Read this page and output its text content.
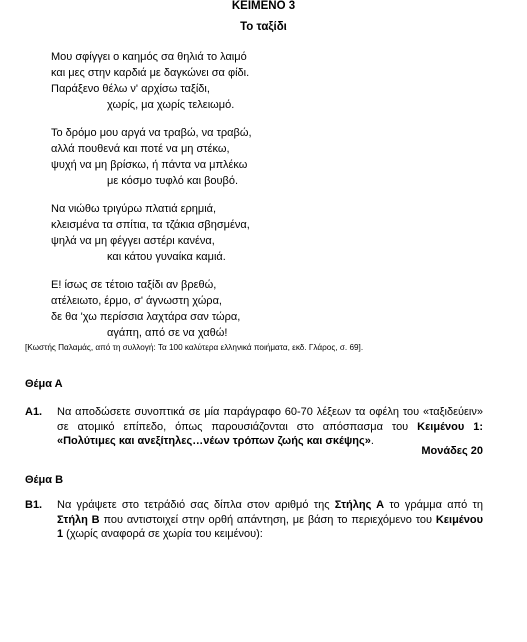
ΚΕΙΜΕΝΟ 3
Το ταξίδι
Μου σφίγγει ο καημός σα θηλιά το λαιμό
και μες στην καρδιά με δαγκώνει σα φίδι.
Παράξενο θέλω ν' αρχίσω ταξίδι,
χωρίς, μα χωρίς τελειωμό.
Το δρόμο μου αργά να τραβώ, να τραβώ,
αλλά πουθενά και ποτέ να μη στέκω,
ψυχή να μη βρίσκω, ή πάντα να μπλέκω
με κόσμο τυφλό και βουβό.
Να νιώθω τριγύρω πλατιά ερημιά,
κλεισμένα τα σπίτια, τα τζάκια σβησμένα,
ψηλά να μη φέγγει αστέρι κανένα,
και κάτου γυναίκα καμιά.
Ε! ίσως σε τέτοιο ταξίδι αν βρεθώ,
ατέλειωτο, έρμο, σ' άγνωστη χώρα,
δε θα 'χω περίσσια λαχτάρα σαν τώρα,
αγάπη, από σε να χαθώ!
[Κωστής Παλαμάς, από τη συλλογή: Τα 100 καλύτερα ελληνικά ποιήματα, εκδ. Γλάρος, σ. 69].
Θέμα Α
Α1. Να αποδώσετε συνοπτικά σε μία παράγραφο 60-70 λέξεων τα οφέλη του «ταξιδεύειν» σε ατομικό επίπεδο, όπως παρουσιάζονται στο απόσπασμα του Κειμένου 1: «Πολύτιμες και ανεξίτηλες…νέων τρόπων ζωής και σκέψης».
Μονάδες 20
Θέμα Β
Β1. Να γράψετε στο τετράδιό σας δίπλα στον αριθμό της Στήλης Α το γράμμα από τη Στήλη Β που αντιστοιχεί στην ορθή απάντηση, με βάση το περιεχόμενο του Κειμένου 1 (χωρίς αναφορά σε χωρία του κειμένου):
